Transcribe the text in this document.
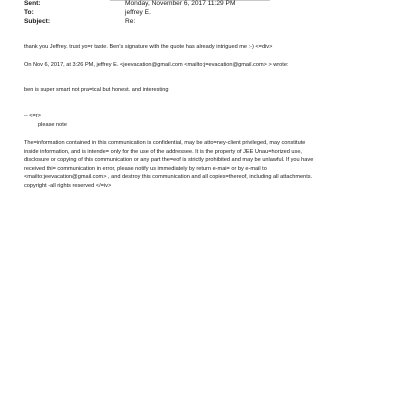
Sent:	Monday, November 6, 2017 11:29 PM
To:	jeffrey E.
Subject:	Re:
thank you Jeffrey. trust yo=r taste. Ben's signature with the quote has already intrigued me :-) <=div>
On Nov 6, 2017, at 3:26 PM, jeffrey E. <jeevacation@gmail.com <mailto:j=evacation@gmail.com> > wrote:
ben is super smart not pra=tcal but honest. and interesting
-- <=r>
please note
The=information contained in this communication is confidential, may be atto=ney-client privileged, may constitute
inside information, and is intende= only for the use of the addressee. It is the property of JEE Unau=horized use,
disclosure or copying of this communication or any part the=eof is strictly prohibited and may be unlawful. If you have
received thi= communication in error, please notify us immediately by return e-mai= or by e-mail to
<mailto:jeevacation@gmail.com> , and destroy this communication and all copies=thereof, including all attachments.
copyright -all rights reserved </=iv>
